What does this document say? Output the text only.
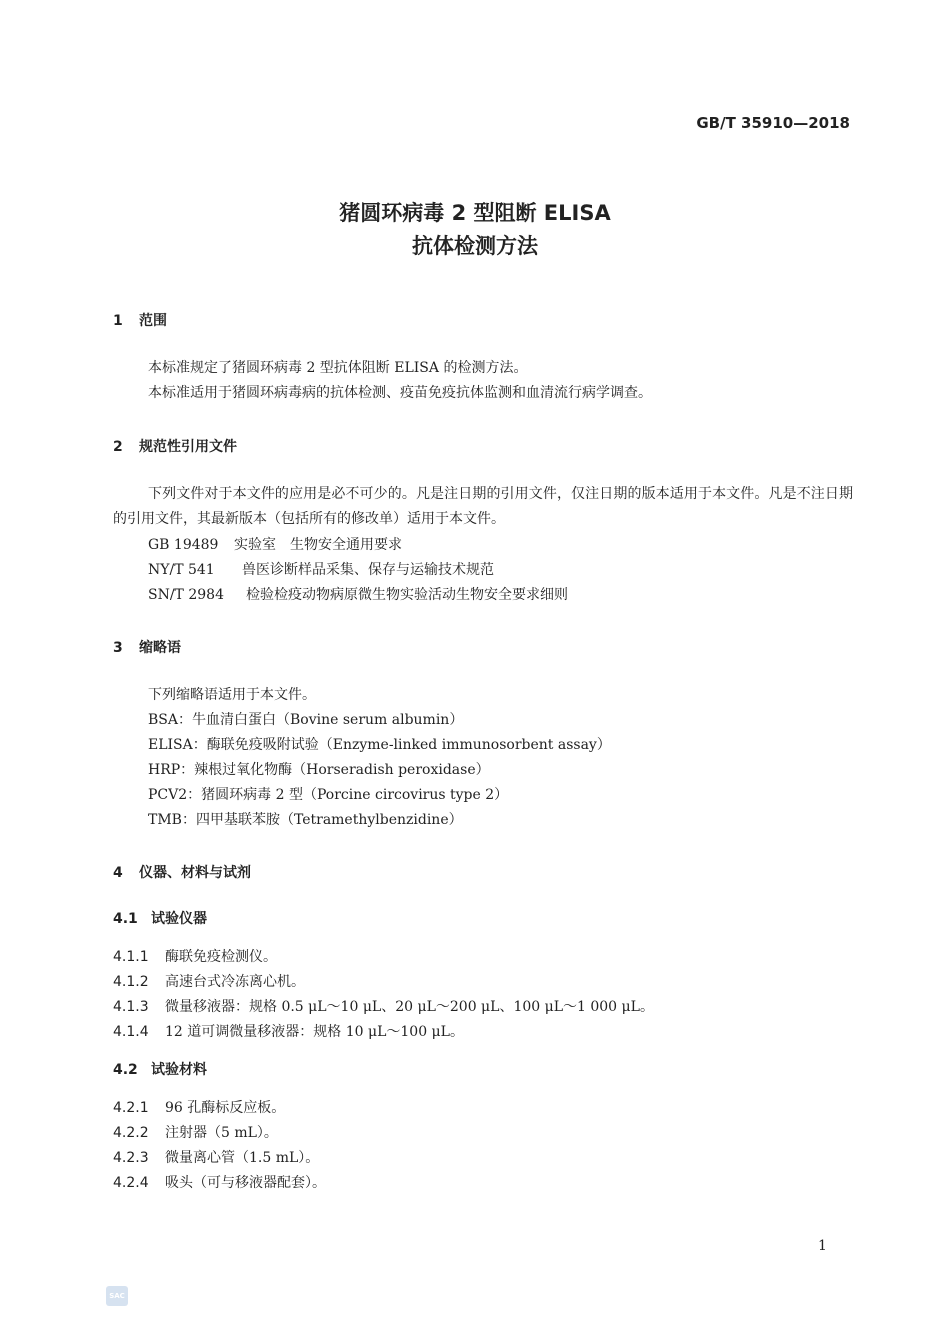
GB/T 35910—2018
猪圆环病毒 2 型阻断 ELISA
抗体检测方法
1 范围
本标准规定了猪圆环病毒 2 型抗体阻断 ELISA 的检测方法。
本标准适用于猪圆环病毒病的抗体检测、疫苗免疫抗体监测和血清流行病学调查。
2 规范性引用文件
下列文件对于本文件的应用是必不可少的。凡是注日期的引用文件，仅注日期的版本适用于本文件。凡是不注日期的引用文件，其最新版本（包括所有的修改单）适用于本文件。
GB 19489 实验室　生物安全通用要求
NY/T 541 兽医诊断样品采集、保存与运输技术规范
SN/T 2984 检验检疫动物病原微生物实验活动生物安全要求细则
3 缩略语
下列缩略语适用于本文件。
BSA：牛血清白蛋白（Bovine serum albumin）
ELISA：酶联免疫吸附试验（Enzyme-linked immunosorbent assay）
HRP：辣根过氧化物酶（Horseradish peroxidase）
PCV2：猪圆环病毒 2 型（Porcine circovirus type 2）
TMB：四甲基联苯胺（Tetramethylbenzidine）
4 仪器、材料与试剂
4.1 试验仪器
4.1.1 酶联免疫检测仪。
4.1.2 高速台式冷冻离心机。
4.1.3 微量移液器：规格 0.5 μL～10 μL、20 μL～200 μL、100 μL～1 000 μL。
4.1.4 12 道可调微量移液器：规格 10 μL～100 μL。
4.2 试验材料
4.2.1 96 孔酶标反应板。
4.2.2 注射器（5 mL）。
4.2.3 微量离心管（1.5 mL）。
4.2.4 吸头（可与移液器配套）。
1
SAC
